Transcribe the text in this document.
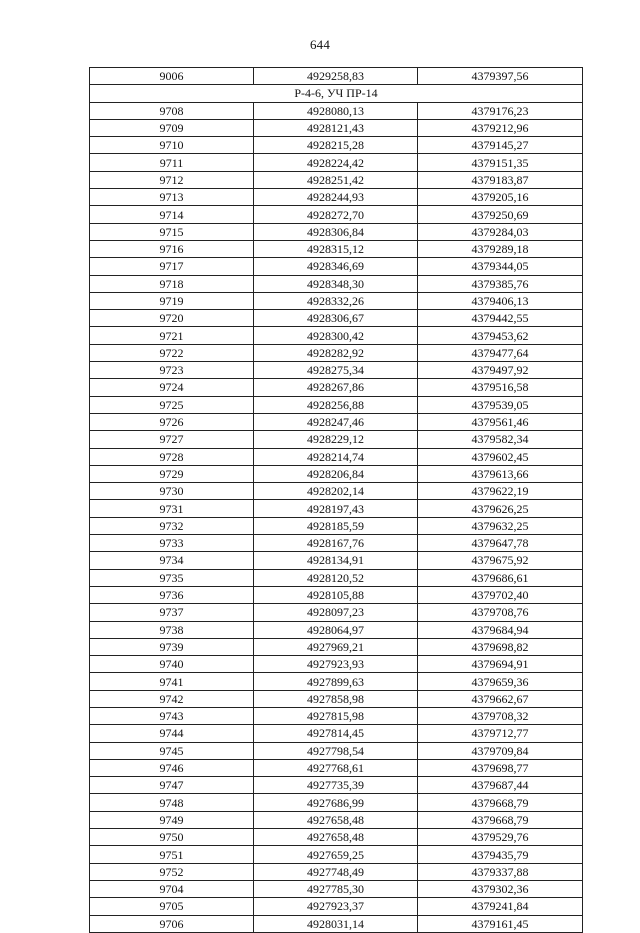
644
9006	4929258,83	4379397,56
Р-4-6, УЧ ПР-14		
9708	4928080,13	4379176,23
9709	4928121,43	4379212,96
9710	4928215,28	4379145,27
9711	4928224,42	4379151,35
9712	4928251,42	4379183,87
9713	4928244,93	4379205,16
9714	4928272,70	4379250,69
9715	4928306,84	4379284,03
9716	4928315,12	4379289,18
9717	4928346,69	4379344,05
9718	4928348,30	4379385,76
9719	4928332,26	4379406,13
9720	4928306,67	4379442,55
9721	4928300,42	4379453,62
9722	4928282,92	4379477,64
9723	4928275,34	4379497,92
9724	4928267,86	4379516,58
9725	4928256,88	4379539,05
9726	4928247,46	4379561,46
9727	4928229,12	4379582,34
9728	4928214,74	4379602,45
9729	4928206,84	4379613,66
9730	4928202,14	4379622,19
9731	4928197,43	4379626,25
9732	4928185,59	4379632,25
9733	4928167,76	4379647,78
9734	4928134,91	4379675,92
9735	4928120,52	4379686,61
9736	4928105,88	4379702,40
9737	4928097,23	4379708,76
9738	4928064,97	4379684,94
9739	4927969,21	4379698,82
9740	4927923,93	4379694,91
9741	4927899,63	4379659,36
9742	4927858,98	4379662,67
9743	4927815,98	4379708,32
9744	4927814,45	4379712,77
9745	4927798,54	4379709,84
9746	4927768,61	4379698,77
9747	4927735,39	4379687,44
9748	4927686,99	4379668,79
9749	4927658,48	4379668,79
9750	4927658,48	4379529,76
9751	4927659,25	4379435,79
9752	4927748,49	4379337,88
9704	4927785,30	4379302,36
9705	4927923,37	4379241,84
9706	4928031,14	4379161,45
